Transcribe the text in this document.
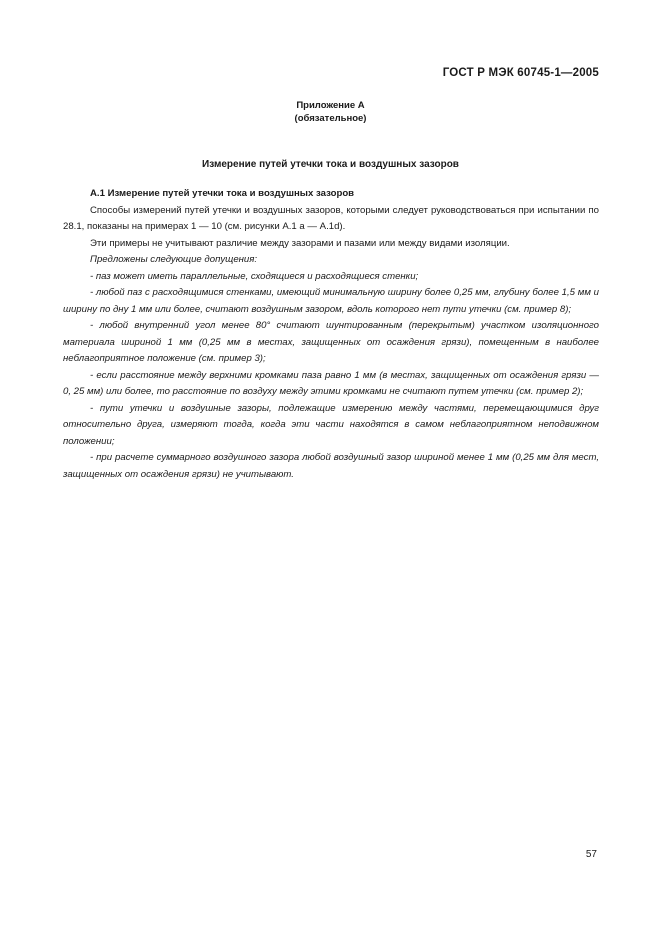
ГОСТ Р МЭК 60745-1—2005
Приложение А
(обязательное)
Измерение путей утечки тока и воздушных зазоров

А.1 Измерение путей утечки тока и воздушных зазоров

Способы измерений путей утечки и воздушных зазоров, которыми следует руководствоваться при испытании по 28.1, показаны на примерах 1 — 10 (см. рисунки А.1 а — А.1d).

Эти примеры не учитывают различие между зазорами и пазами или между видами изоляции.

Предложены следующие допущения:

- паз может иметь параллельные, сходящиеся и расходящиеся стенки;

- любой паз с расходящимися стенками, имеющий минимальную ширину более 0,25 мм, глубину более 1,5 мм и ширину по дну 1 мм или более, считают воздушным зазором, вдоль которого нет пути утечки (см. пример 8);

- любой внутренний угол менее 80° считают шунтированным (перекрытым) участком изоляционного материала шириной 1 мм (0,25 мм в местах, защищенных от осаждения грязи), помещенным в наиболее неблагоприятное положение (см. пример 3);

- если расстояние между верхними кромками паза равно 1 мм (в местах, защищенных от осаждения грязи — 0, 25 мм) или более, то расстояние по воздуху между этими кромками не считают путем утечки (см. пример 2);

- пути утечки и воздушные зазоры, подлежащие измерению между частями, перемещающимися друг относительно друга, измеряют тогда, когда эти части находятся в самом неблагоприятном неподвижном положении;

- при расчете суммарного воздушного зазора любой воздушный зазор шириной менее 1 мм (0,25 мм для мест, защищенных от осаждения грязи) не учитывают.

57
